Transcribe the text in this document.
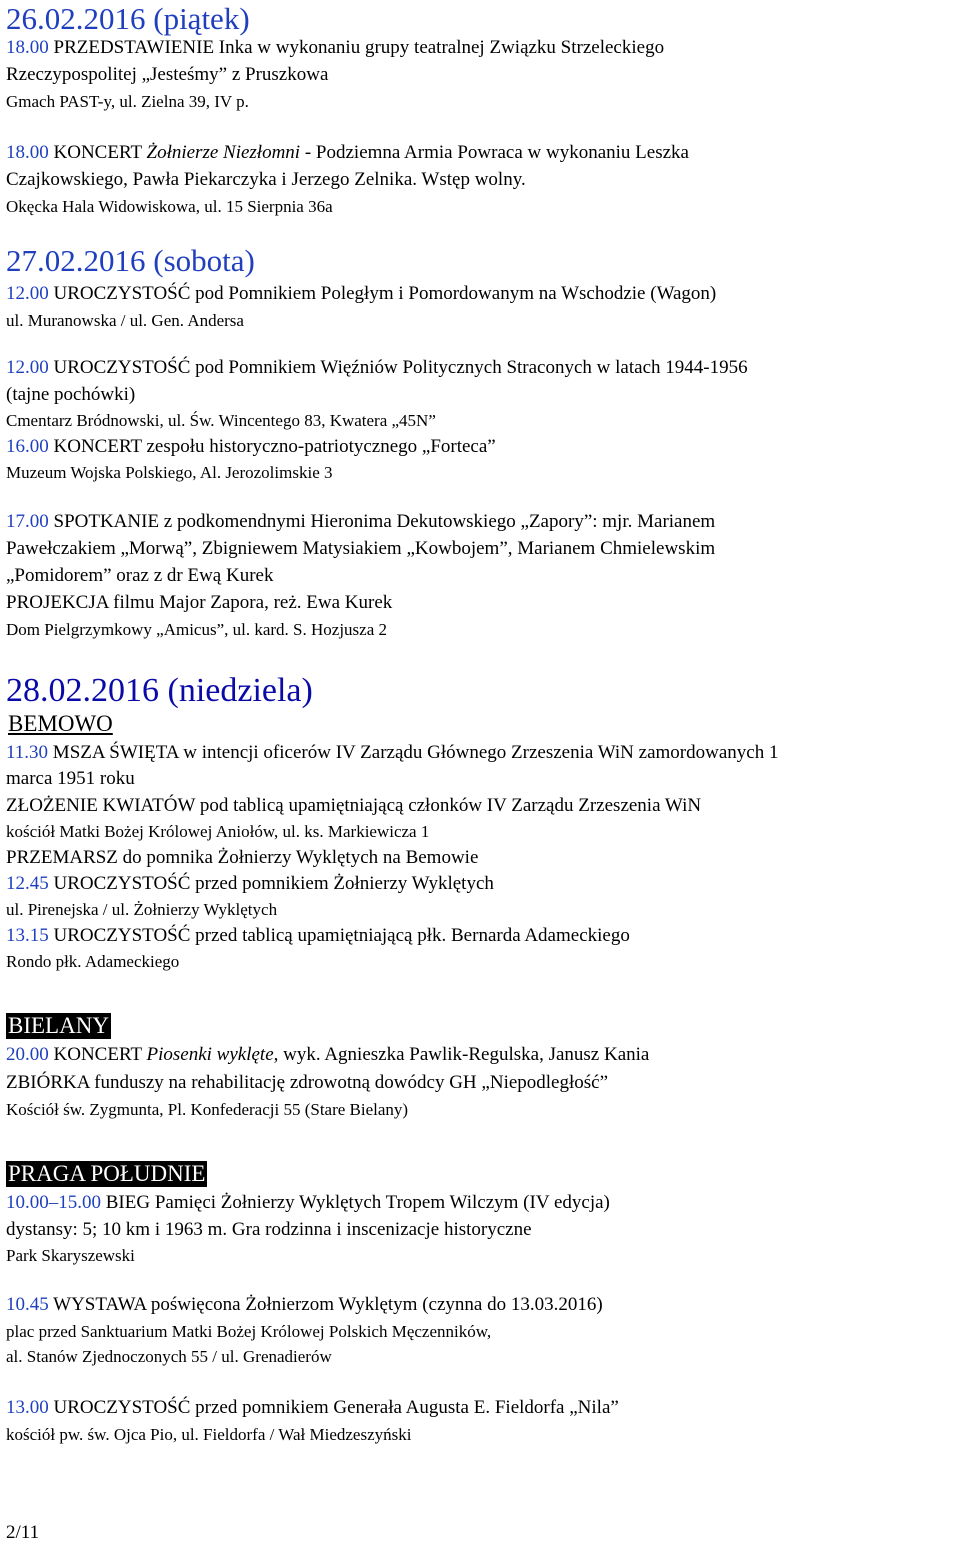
26.02.2016 (piątek)
18.00 PRZEDSTAWIENIE Inka w wykonaniu grupy teatralnej Związku Strzeleckiego
Rzeczypospolitej „Jesteśmy” z Pruszkowa
Gmach PAST-y, ul. Zielna 39, IV p.
18.00 KONCERT Żołnierze Niezłomni - Podziemna Armia Powraca w wykonaniu Leszka
Czajkowskiego, Pawła Piekarczyka i Jerzego Zelnika. Wstęp wolny.
Okęcka Hala Widowiskowa, ul. 15 Sierpnia 36a
27.02.2016 (sobota)
12.00 UROCZYSTOŚĆ pod Pomnikiem Poległym i Pomordowanym na Wschodzie (Wagon)
ul. Muranowska / ul. Gen. Andersa
12.00 UROCZYSTOŚĆ pod Pomnikiem Więźniów Politycznych Straconych w latach 1944-1956
(tajne pochówki)
Cmentarz Bródnowski, ul. Św. Wincentego 83, Kwatera „45N”
16.00 KONCERT zespołu historyczno-patriotycznego „Forteca”
Muzeum Wojska Polskiego, Al. Jerozolimskie 3
17.00 SPOTKANIE z podkomendnymi Hieronima Dekutowskiego „Zapory”: mjr. Marianem
Pawełczakiem „Morwą”, Zbigniewem Matysiakiem „Kowbojem”, Marianem Chmielewskim
„Pomidorem” oraz z dr Ewą Kurek
PROJEKCJA filmu Major Zapora, reż. Ewa Kurek
Dom Pielgrzymkowy „Amicus”, ul. kard. S. Hozjusza 2
28.02.2016 (niedziela)
BEMOWO
11.30 MSZA ŚWIĘTA w intencji oficerów IV Zarządu Głównego Zrzeszenia WiN zamordowanych 1
marca 1951 roku
ZŁOŻENIE KWIATÓW pod tablicą upamiętniającą członków IV Zarządu Zrzeszenia WiN
kościół Matki Bożej Królowej Aniołów, ul. ks. Markiewicza 1
PRZEMARSZ do pomnika Żołnierzy Wyklętych na Bemowie
12.45 UROCZYSTOŚĆ przed pomnikiem Żołnierzy Wyklętych
ul. Pirenejska / ul. Żołnierzy Wyklętych
13.15 UROCZYSTOŚĆ przed tablicą upamiętniającą płk. Bernarda Adameckiego
Rondo płk. Adameckiego
BIELANY
20.00 KONCERT Piosenki wyklęte, wyk. Agnieszka Pawlik-Regulska, Janusz Kania
ZBIÓRKA funduszy na rehabilitację zdrowotną dowódcy GH „Niepodległość”
Kościół św. Zygmunta, Pl. Konfederacji 55 (Stare Bielany)
PRAGA POŁUDNIE
10.00–15.00 BIEG Pamięci Żołnierzy Wyklętych Tropem Wilczym (IV edycja)
dystansy: 5; 10 km i 1963 m. Gra rodzinna i inscenizacje historyczne
Park Skaryszewski
10.45 WYSTAWA poświęcona Żołnierzom Wyklętym (czynna do 13.03.2016)
plac przed Sanktuarium Matki Bożej Królowej Polskich Męczenników,
al. Stanów Zjednoczonych 55 / ul. Grenadierów
13.00 UROCZYSTOŚĆ przed pomnikiem Generała Augusta E. Fieldorfa „Nila”
kościół pw. św. Ojca Pio, ul. Fieldorfa / Wał Miedzeszyński
2/11
